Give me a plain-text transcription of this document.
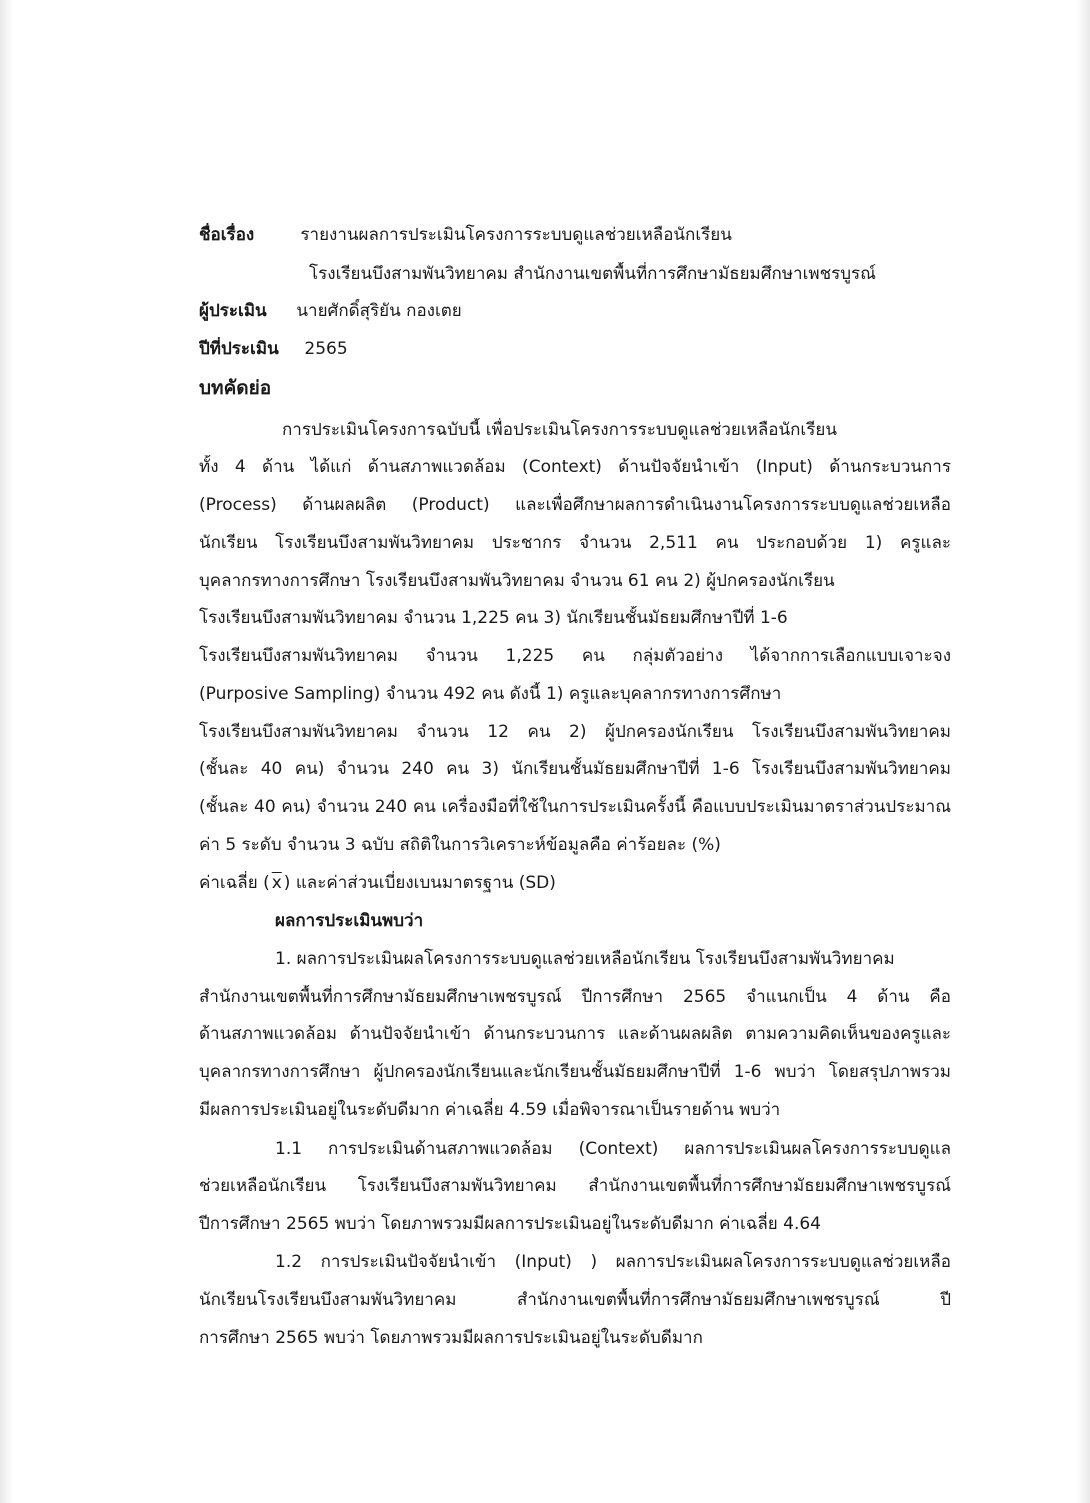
ชื่อเรื่อง	รายงานผลการประเมินโครงการระบบดูแลช่วยเหลือนักเรียน
โรงเรียนบึงสามพันวิทยาคม สำนักงานเขตพื้นที่การศึกษามัธยมศึกษาเพชรบูรณ์
ผู้ประเมิน นายศักดิ์สุริยัน กองเตย
ปีที่ประเมิน 2565
บทคัดย่อ
การประเมินโครงการฉบับนี้ เพื่อประเมินโครงการระบบดูแลช่วยเหลือนักเรียน
ทั้ง 4 ด้าน ได้แก่ ด้านสภาพแวดล้อม (Context) ด้านปัจจัยนำเข้า (Input) ด้านกระบวนการ
(Process) ด้านผลผลิต (Product) และเพื่อศึกษาผลการดำเนินงานโครงการระบบดูแลช่วยเหลือ
นักเรียน โรงเรียนบึงสามพันวิทยาคม ประชากร จำนวน 2,511 คน ประกอบด้วย 1) ครูและ
บุคลากรทางการศึกษา โรงเรียนบึงสามพันวิทยาคม จำนวน 61 คน 2) ผู้ปกครองนักเรียน
โรงเรียนบึงสามพันวิทยาคม จำนวน 1,225 คน 3) นักเรียนชั้นมัธยมศึกษาปีที่ 1-6
โรงเรียนบึงสามพันวิทยาคม จำนวน 1,225 คน กลุ่มตัวอย่าง ได้จากการเลือกแบบเจาะจง
(Purposive Sampling) จำนวน 492 คน ดังนี้ 1) ครูและบุคลากรทางการศึกษา
โรงเรียนบึงสามพันวิทยาคม จำนวน 12 คน 2) ผู้ปกครองนักเรียน โรงเรียนบึงสามพันวิทยาคม
(ชั้นละ 40 คน) จำนวน 240 คน 3) นักเรียนชั้นมัธยมศึกษาปีที่ 1-6 โรงเรียนบึงสามพันวิทยาคม
(ชั้นละ 40 คน) จำนวน 240 คน เครื่องมือที่ใช้ในการประเมินครั้งนี้ คือแบบประเมินมาตราส่วนประมาณ
ค่า 5 ระดับ จำนวน 3 ฉบับ สถิติในการวิเคราะห์ข้อมูลคือ ค่าร้อยละ (%)
ค่าเฉลี่ย ( $\overline{x}$ ) และค่าส่วนเบี่ยงเบนมาตรฐาน (SD)
ผลการประเมินพบว่า
1. ผลการประเมินผลโครงการระบบดูแลช่วยเหลือนักเรียน โรงเรียนบึงสามพันวิทยาคม
สำนักงานเขตพื้นที่การศึกษามัธยมศึกษาเพชรบูรณ์ ปีการศึกษา 2565 จำแนกเป็น 4 ด้าน คือ
ด้านสภาพแวดล้อม ด้านปัจจัยนำเข้า ด้านกระบวนการ และด้านผลผลิต ตามความคิดเห็นของครูและ
บุคลากรทางการศึกษา ผู้ปกครองนักเรียนและนักเรียนชั้นมัธยมศึกษาปีที่ 1-6 พบว่า โดยสรุปภาพรวม
มีผลการประเมินอยู่ในระดับดีมาก ค่าเฉลี่ย 4.59 เมื่อพิจารณาเป็นรายด้าน พบว่า
1.1 การประเมินด้านสภาพแวดล้อม (Context) ผลการประเมินผลโครงการระบบดูแล
ช่วยเหลือนักเรียน โรงเรียนบึงสามพันวิทยาคม สำนักงานเขตพื้นที่การศึกษามัธยมศึกษาเพชรบูรณ์
ปีการศึกษา 2565 พบว่า โดยภาพรวมมีผลการประเมินอยู่ในระดับดีมาก ค่าเฉลี่ย 4.64
1.2 การประเมินปัจจัยนำเข้า (Input) ) ผลการประเมินผลโครงการระบบดูแลช่วยเหลือ
นักเรียนโรงเรียนบึงสามพันวิทยาคม สำนักงานเขตพื้นที่การศึกษามัธยมศึกษาเพชรบูรณ์ ปี
การศึกษา 2565 พบว่า โดยภาพรวมมีผลการประเมินอยู่ในระดับดีมาก
